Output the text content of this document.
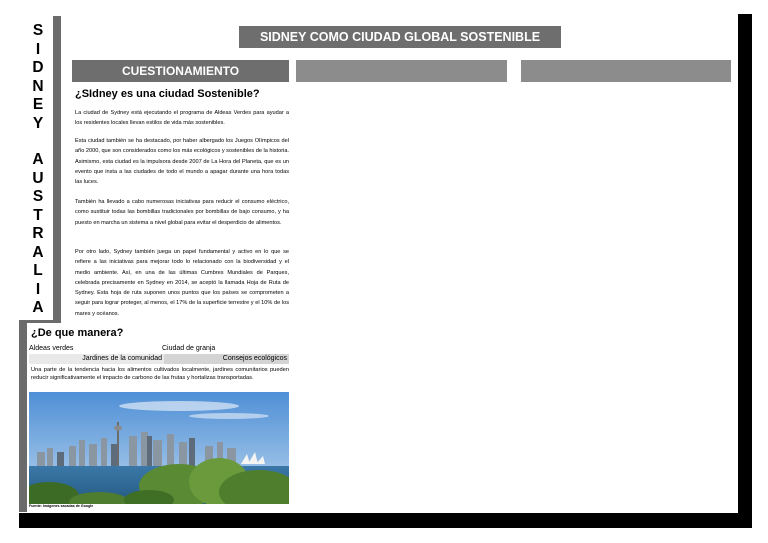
S
I
D
N
E
Y
A
U
S
T
R
A
L
I
A
SIDNEY COMO CIUDAD GLOBAL SOSTENIBLE
CUESTIONAMIENTO
¿SIdney es una ciudad Sostenible?
La ciudad de Sydney está ejecutando el programa de Aldeas Verdes para ayudar a los residentes locales llevan estilos de vida más sostenibles.
Esta ciudad también se ha destacado, por haber albergado los Juegos Olímpicos del año 2000, que son considerados como los más ecológicos y sostenibles de la historia. Asimismo, esta ciudad es la impulsora desde 2007 de La Hora del Planeta, que es un evento que insta a las ciudades de todo el mundo a apagar durante una hora todas las luces.
También ha llevado a cabo numerosas iniciativas para reducir el consumo eléctrico, como sustituir todas las bombillas tradicionales por bombillas de bajo consumo, y ha puesto en marcha un sistema a nivel global para evitar el desperdicio de alimentos.
Por otro lado, Sydney también juega un papel fundamental y activo en lo que se refiere a las iniciativas para mejorar todo lo relacionado con la biodiversidad y el medio ambiente. Así, en una de las últimas Cumbres Mundiales de Parques, celebrada precisamente en Sydney en 2014, se aceptó la llamada Hoja de Ruta de Sydney. Esta hoja de ruta suponen unos puntos que los países se comprometen a seguir para lograr proteger, al menos, el 17% de la superficie terrestre y el 10% de los mares y océanos.
¿De que manera?
Aldeas verdes	Ciudad de granja
Jardines de la comunidad	Consejos ecológicos
Una parte de la tendencia hacia los alimentos cultivados localmente, jardines comunitarios pueden reducir significativamente el impacto de carbono de las frutas y hortalizas transportadas.
Fuente: Imágenes sacadas de Google
